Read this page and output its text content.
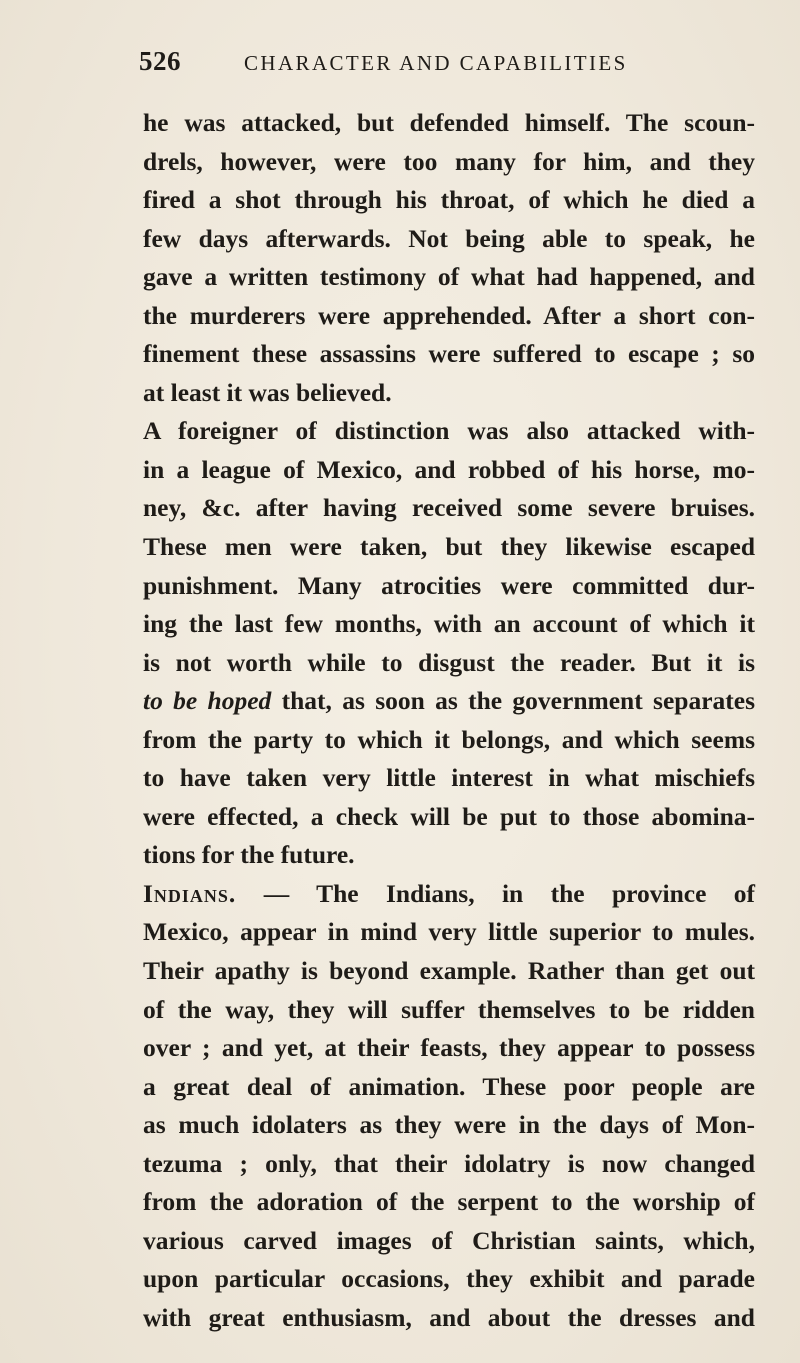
526	CHARACTER AND CAPABILITIES
he was attacked, but defended himself. The scoun-
drels, however, were too many for him, and they
fired a shot through his throat, of which he died a
few days afterwards. Not being able to speak, he
gave a written testimony of what had happened, and
the murderers were apprehended. After a short con-
finement these assassins were suffered to escape ; so
at least it was believed.
A foreigner of distinction was also attacked with-
in a league of Mexico, and robbed of his horse, mo-
ney, &c. after having received some severe bruises.
These men were taken, but they likewise escaped
punishment. Many atrocities were committed dur-
ing the last few months, with an account of which it
is not worth while to disgust the reader. But it is
to be hoped that, as soon as the government separates
from the party to which it belongs, and which seems
to have taken very little interest in what mischiefs
were effected, a check will be put to those abomina-
tions for the future.
Indians. — The Indians, in the province of
Mexico, appear in mind very little superior to mules.
Their apathy is beyond example. Rather than get out
of the way, they will suffer themselves to be ridden
over ; and yet, at their feasts, they appear to possess
a great deal of animation. These poor people are
as much idolaters as they were in the days of Mon-
tezuma ; only, that their idolatry is now changed
from the adoration of the serpent to the worship of
various carved images of Christian saints, which,
upon particular occasions, they exhibit and parade
with great enthusiasm, and about the dresses and
